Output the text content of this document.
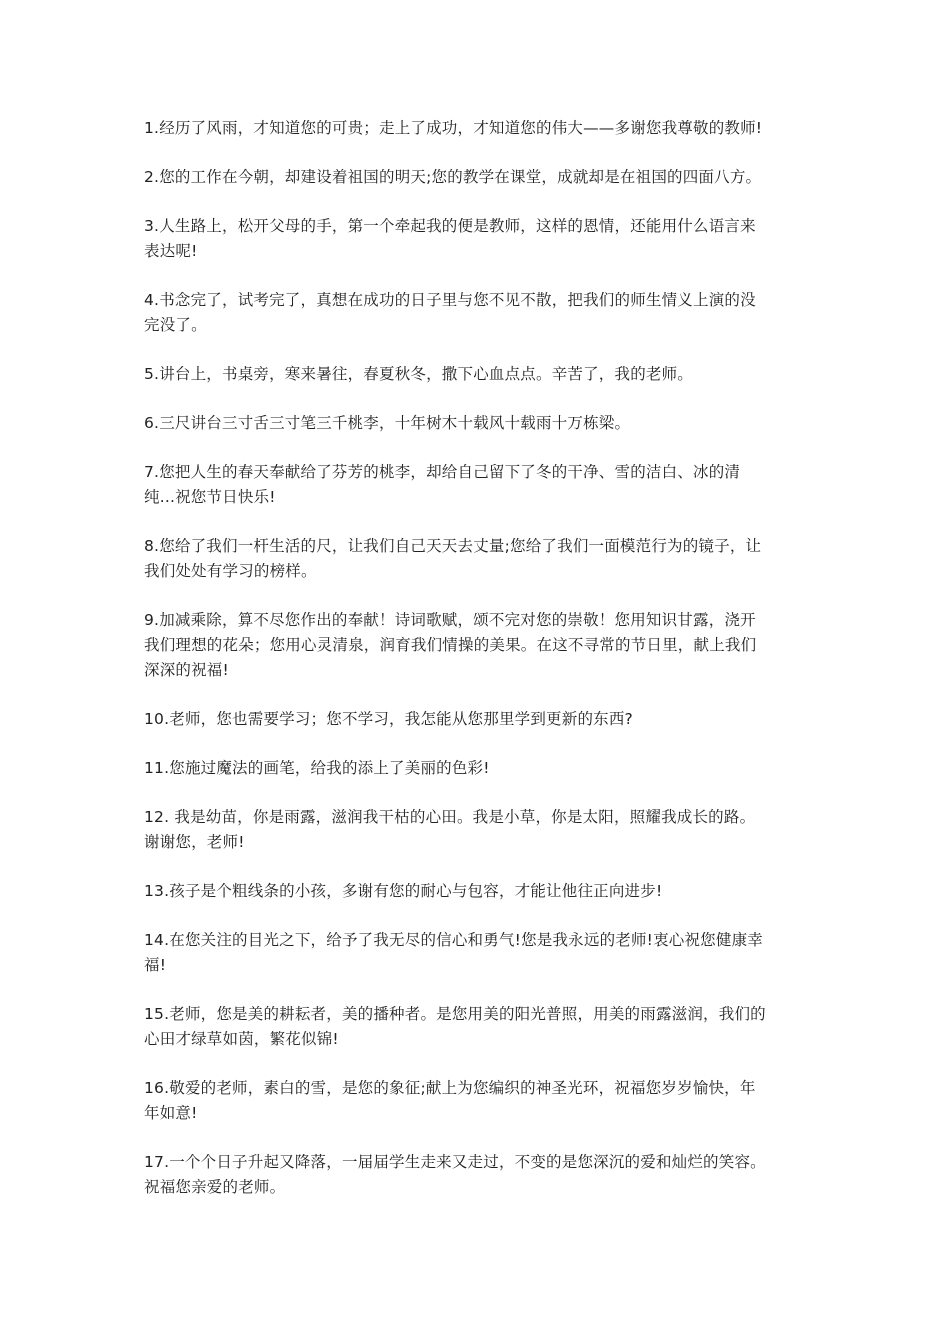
1.经历了风雨，才知道您的可贵；走上了成功，才知道您的伟大——多谢您我尊敬的教师!

2.您的工作在今朝，却建设着祖国的明天;您的教学在课堂，成就却是在祖国的四面八方。

3.人生路上，松开父母的手，第一个牵起我的便是教师，这样的恩情，还能用什么语言来
表达呢!

4.书念完了，试考完了，真想在成功的日子里与您不见不散，把我们的师生情义上演的没
完没了。

5.讲台上，书桌旁，寒来暑往，春夏秋冬，撒下心血点点。辛苦了，我的老师。

6.三尺讲台三寸舌三寸笔三千桃李，十年树木十载风十载雨十万栋梁。

7.您把人生的春天奉献给了芬芳的桃李，却给自己留下了冬的干净、雪的洁白、冰的清
纯...祝您节日快乐!

8.您给了我们一杆生活的尺，让我们自己天天去丈量;您给了我们一面模范行为的镜子，让
我们处处有学习的榜样。

9.加减乘除，算不尽您作出的奉献！诗词歌赋，颂不完对您的崇敬！您用知识甘露，浇开
我们理想的花朵；您用心灵清泉，润育我们情操的美果。在这不寻常的节日里，献上我们
深深的祝福!

10.老师，您也需要学习；您不学习，我怎能从您那里学到更新的东西?

11.您施过魔法的画笔，给我的添上了美丽的色彩!

12. 我是幼苗，你是雨露，滋润我干枯的心田。我是小草，你是太阳，照耀我成长的路。
谢谢您，老师!

13.孩子是个粗线条的小孩，多谢有您的耐心与包容，才能让他往正向进步!

14.在您关注的目光之下，给予了我无尽的信心和勇气!您是我永远的老师!衷心祝您健康幸
福!

15.老师，您是美的耕耘者，美的播种者。是您用美的阳光普照，用美的雨露滋润，我们的
心田才绿草如茵，繁花似锦!

16.敬爱的老师，素白的雪，是您的象征;献上为您编织的神圣光环，祝福您岁岁愉快，年
年如意!

17.一个个日子升起又降落，一届届学生走来又走过，不变的是您深沉的爱和灿烂的笑容。
祝福您亲爱的老师。
